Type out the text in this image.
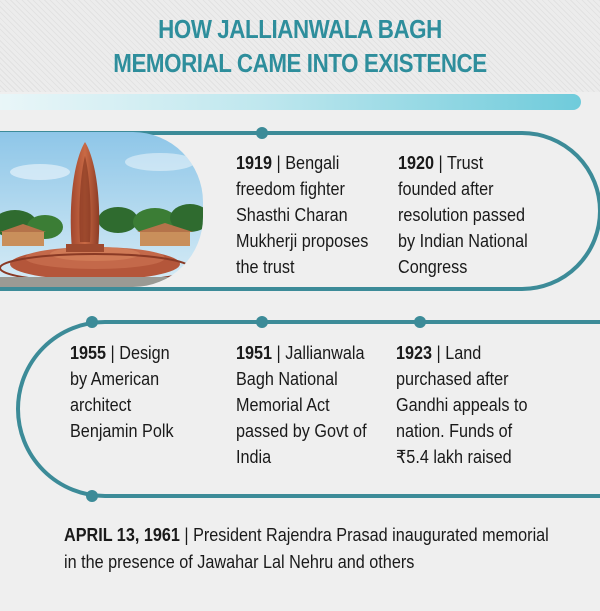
HOW JALLIANWALA BAGH
MEMORIAL CAME INTO EXISTENCE
1919 | Bengali
freedom fighter
Shasthi Charan
Mukherji proposes
the trust
1920 | Trust
founded after
resolution passed
by Indian National
Congress
1923 | Land
purchased after
Gandhi appeals to
nation. Funds of
₹5.4 lakh raised
1951 | Jallianwala
Bagh National
Memorial Act
passed by Govt of
India
1955 | Design
by American
architect
Benjamin Polk
APRIL 13, 1961 | President Rajendra Prasad inaugurated memorial
in the presence of Jawahar Lal Nehru and others
